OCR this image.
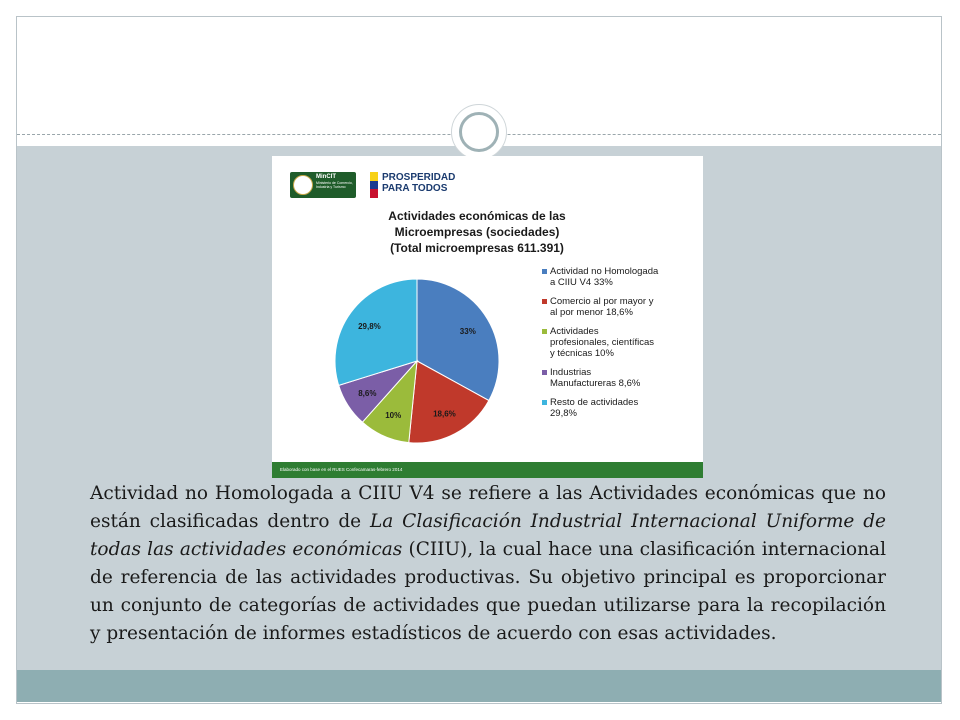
MinCIT
Ministerio de Comercio, Industria y Turismo
PROSPERIDAD
PARA TODOS
Actividades económicas de las
Microempresas (sociedades)
(Total microempresas 611.391)
33%
18,6%
10%
8,6%
29,8%
Actividad no Homologada
a CIIU V4 33%
Comercio al por mayor y
al por menor 18,6%
Actividades
profesionales, científicas
y técnicas 10%
Industrias
Manufactureras 8,6%
Resto de actividades
29,8%
Elaborado con base en el RUES Confecamaras-febrero 2014
Actividad no Homologada a CIIU V4 se refiere a las Actividades económicas que no están clasificadas dentro de La Clasificación Industrial Internacional Uniforme de todas las actividades económicas (CIIU), la cual hace una clasificación internacional de referencia de las actividades productivas. Su objetivo principal es proporcionar un conjunto de categorías de actividades que puedan utilizarse para la recopilación y presentación de informes estadísticos de acuerdo con esas actividades.
